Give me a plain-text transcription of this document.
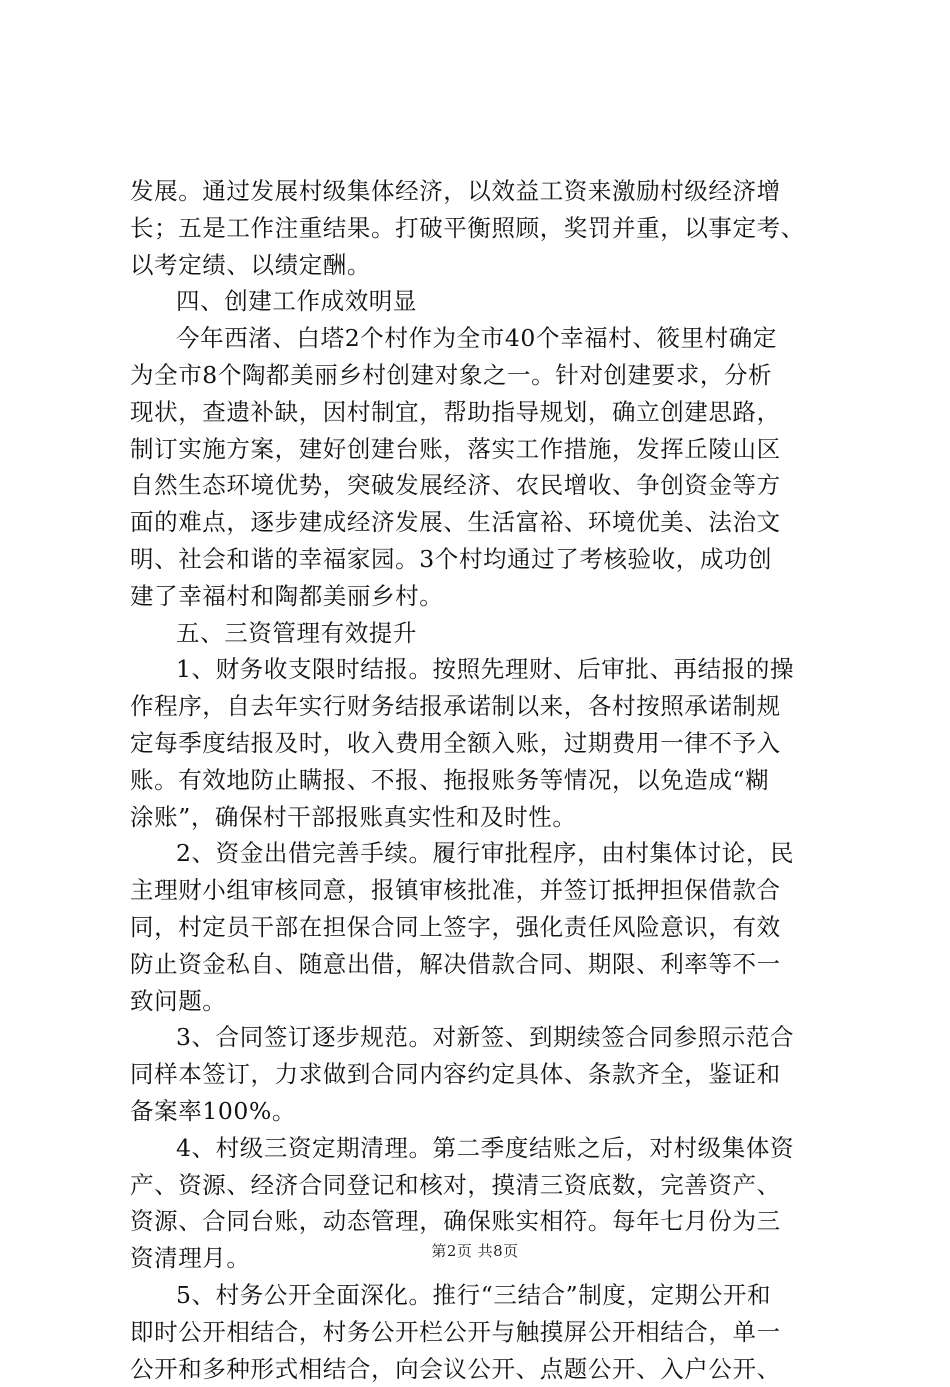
发展。通过发展村级集体经济，以效益工资来激励村级经济增
长；五是工作注重结果。打破平衡照顾，奖罚并重，以事定考、
以考定绩、以绩定酬。
四、创建工作成效明显
今年西渚、白塔2个村作为全市40个幸福村、筱里村确定
为全市8个陶都美丽乡村创建对象之一。针对创建要求，分析
现状，查遗补缺，因村制宜，帮助指导规划，确立创建思路，
制订实施方案，建好创建台账，落实工作措施，发挥丘陵山区
自然生态环境优势，突破发展经济、农民增收、争创资金等方
面的难点，逐步建成经济发展、生活富裕、环境优美、法治文
明、社会和谐的幸福家园。3个村均通过了考核验收，成功创
建了幸福村和陶都美丽乡村。
五、三资管理有效提升
1、财务收支限时结报。按照先理财、后审批、再结报的操
作程序，自去年实行财务结报承诺制以来，各村按照承诺制规
定每季度结报及时，收入费用全额入账，过期费用一律不予入
账。有效地防止瞒报、不报、拖报账务等情况，以免造成“糊
涂账”，确保村干部报账真实性和及时性。
2、资金出借完善手续。履行审批程序，由村集体讨论，民
主理财小组审核同意，报镇审核批准，并签订抵押担保借款合
同，村定员干部在担保合同上签字，强化责任风险意识，有效
防止资金私自、随意出借，解决借款合同、期限、利率等不一
致问题。
3、合同签订逐步规范。对新签、到期续签合同参照示范合
同样本签订，力求做到合同内容约定具体、条款齐全，鉴证和
备案率100%。
4、村级三资定期清理。第二季度结账之后，对村级集体资
产、资源、经济合同登记和核对，摸清三资底数，完善资产、
资源、合同台账，动态管理，确保账实相符。每年七月份为三
资清理月。
5、村务公开全面深化。推行“三结合”制度，定期公开和
即时公开相结合，村务公开栏公开与触摸屏公开相结合，单一
公开和多种形式相结合，向会议公开、点题公开、入户公开、
第2页 共8页
